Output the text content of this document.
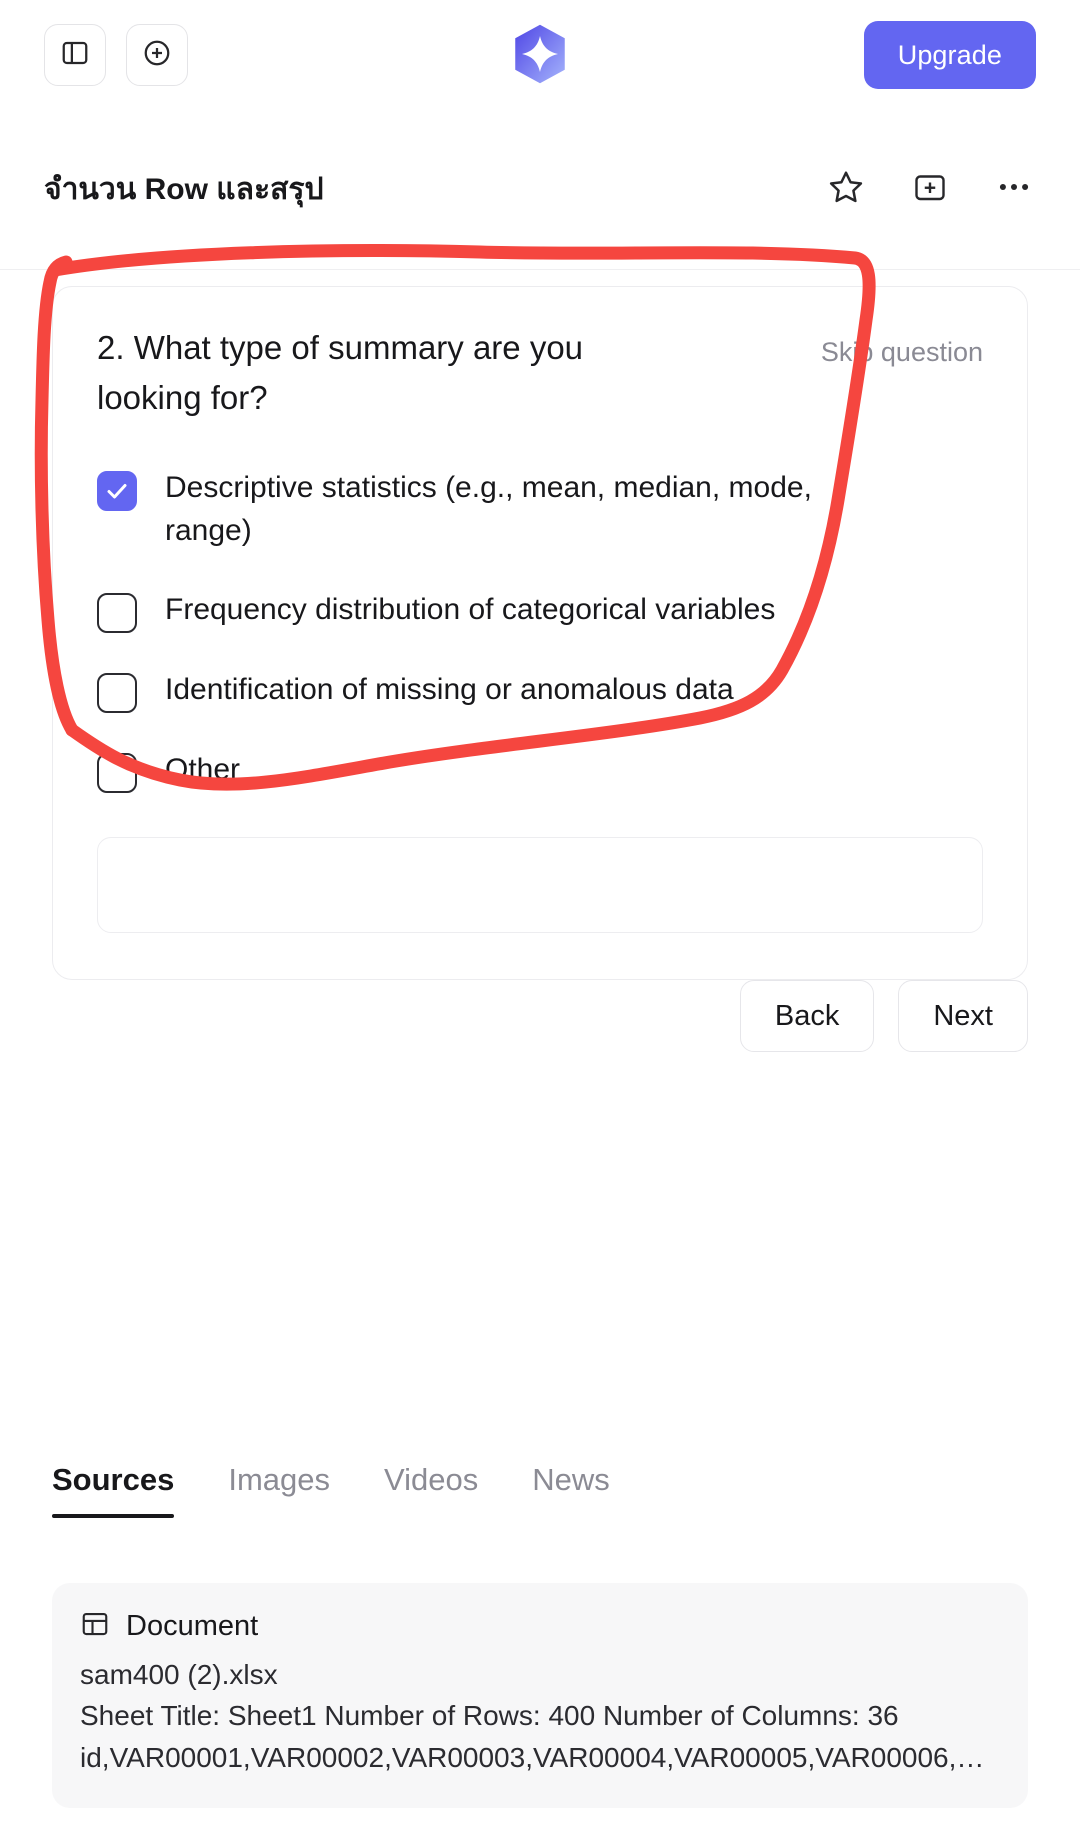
Upgrade
จำนวน Row และสรุป
2. What type of summary are you looking for?
Skip question
Descriptive statistics (e.g., mean, median, mode, range)
Frequency distribution of categorical variables
Identification of missing or anomalous data
Other
Back	Next
Sources Images Videos News
Document
sam400 (2).xlsx
Sheet Title: Sheet1 Number of Rows: 400 Number of Columns: 36
id,VAR00001,VAR00002,VAR00003,VAR00004,VAR00005,VAR00006,…
